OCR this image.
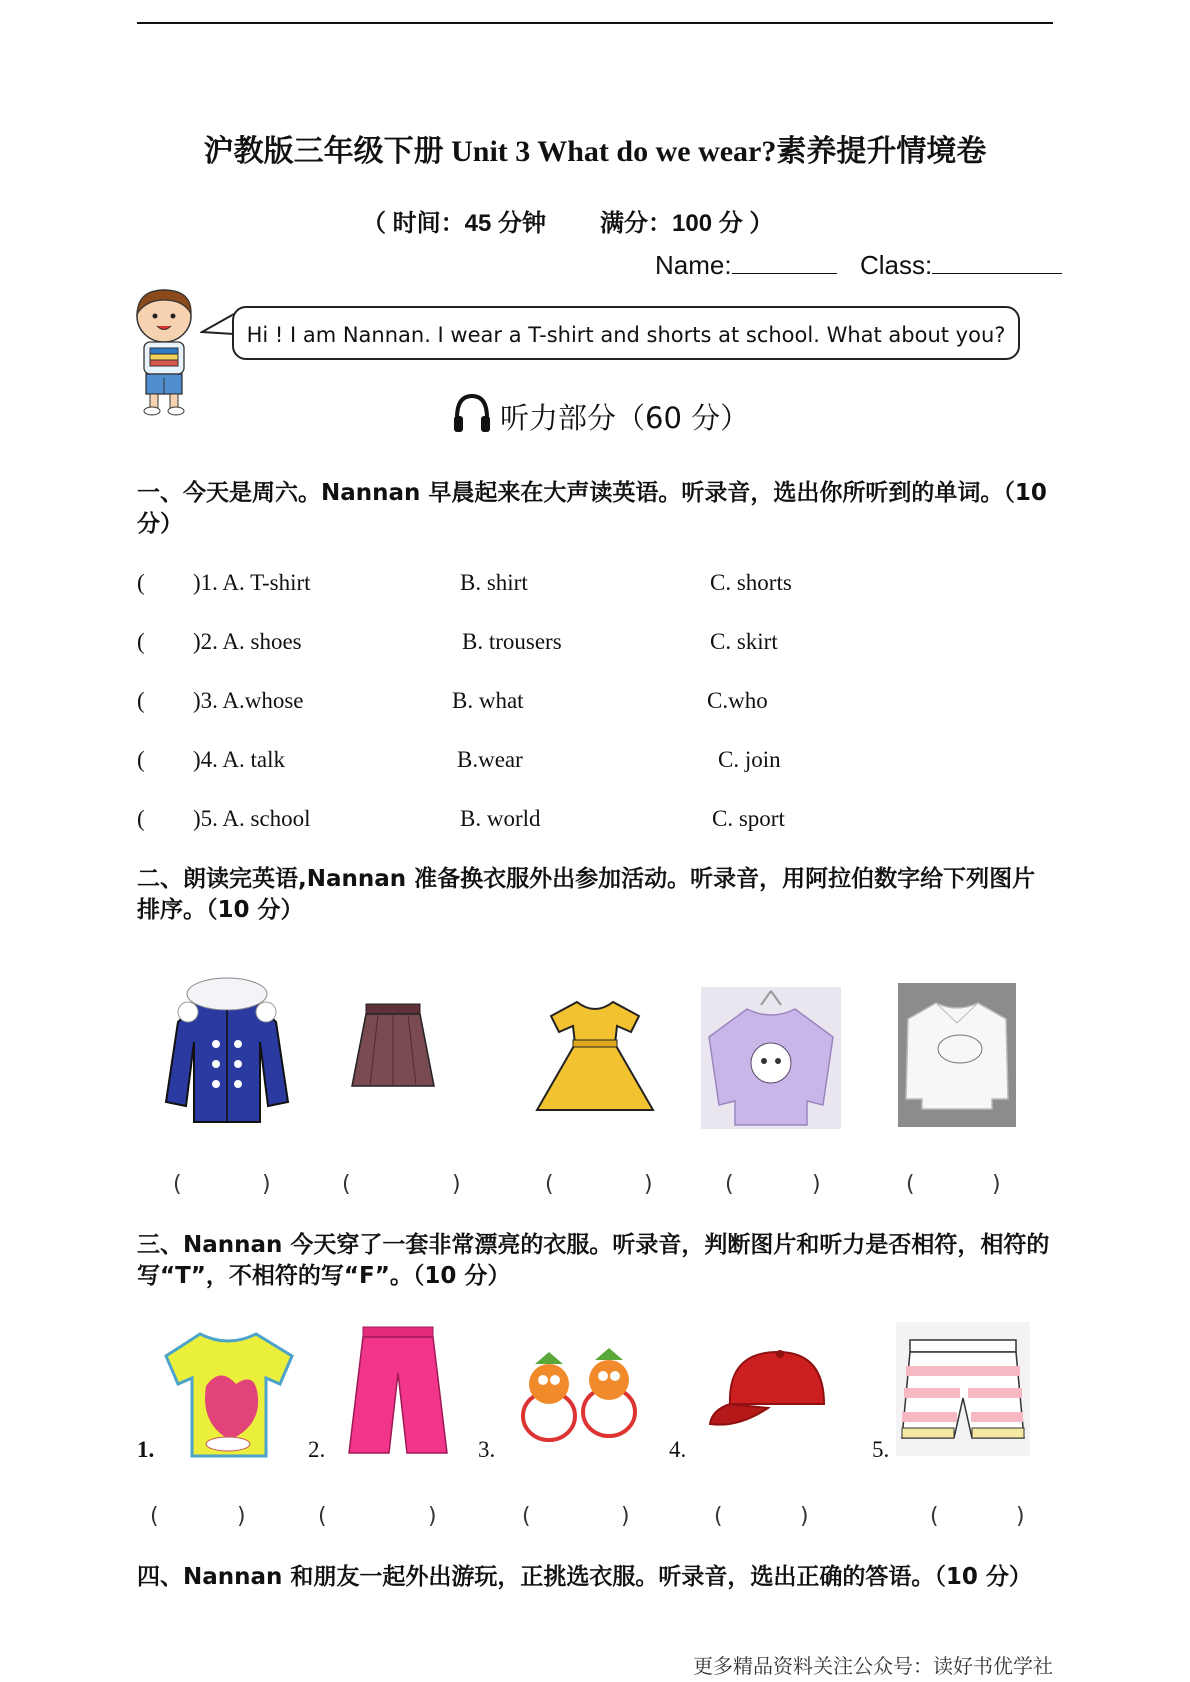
沪教版三年级下册 Unit 3 What do we wear?素养提升情境卷
（ 时间：45 分钟 满分：100 分 ）
Name:	Class:
Hi ! I am Nannan. I wear a T-shirt and shorts at school. What about you?
听力部分（60 分）
一、今天是周六。Nannan 早晨起来在大声读英语。听录音，选出你所听到的单词。（10 分）
( )1. A. T-shirt	B. shirt	C. shorts
( )2. A. shoes	B. trousers	C. skirt
( )3. A.whose	B. what	C.who
( )4. A. talk	B.wear	C. join
( )5. A. school	B. world	C. sport
二、朗读完英语,Nannan 准备换衣服外出参加活动。听录音，用阿拉伯数字给下列图片排序。（10 分）
(	)	(	)	(	)	(	)	(	)
三、Nannan 今天穿了一套非常漂亮的衣服。听录音，判断图片和听力是否相符，相符的写“T”，不相符的写“F”。（10 分）
1.	2.	3.	4.	5.
(	)	(	)	(	)	(	)	(	)
四、Nannan 和朋友一起外出游玩，正挑选衣服。听录音，选出正确的答语。（10 分）
更多精品资料关注公众号：读好书优学社
